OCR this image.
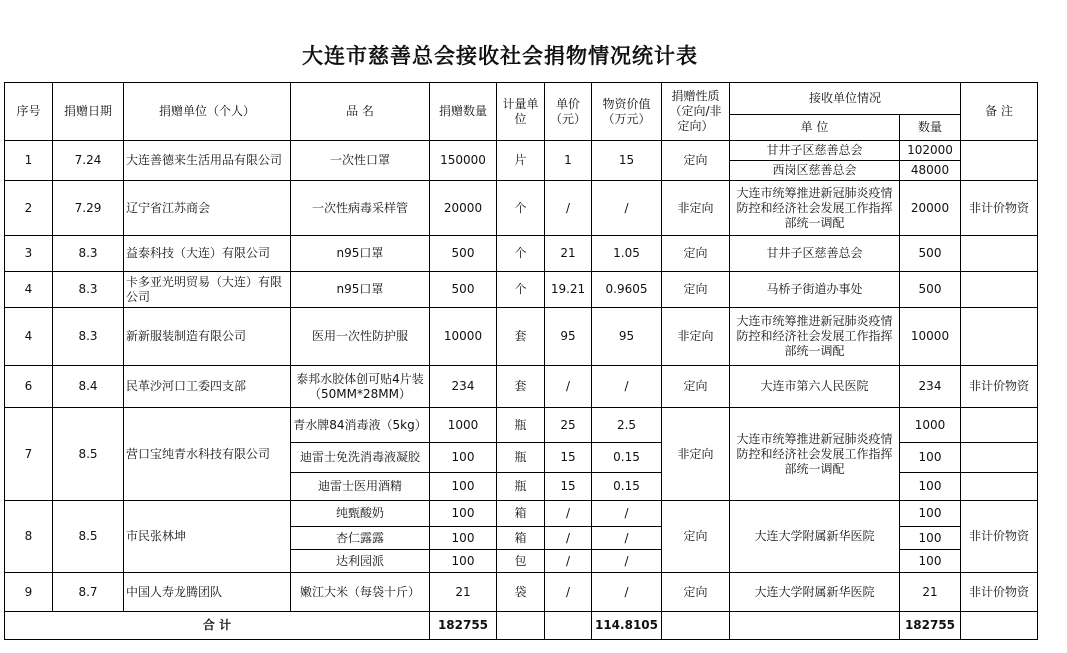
大连市慈善总会接收社会捐物情况统计表
序号	捐赠日期	捐赠单位（个人）	品 名	捐赠数量	计量单位	单价（元）	物资价值（万元）	捐赠性质（定向/非定向）	接收单位情况		备 注
									单 位	数量	
1	7.24	大连善德来生活用品有限公司	一次性口罩	150000	片	1	15	定向	甘井子区慈善总会	102000	
									西岗区慈善总会	48000	
2	7.29	辽宁省江苏商会	一次性病毒采样管	20000	个	/	/	非定向	大连市统筹推进新冠肺炎疫情防控和经济社会发展工作指挥部统一调配	20000	非计价物资
3	8.3	益泰科技（大连）有限公司	n95口罩	500	个	21	1.05	定向	甘井子区慈善总会	500	
4	8.3	卡多亚光明贸易（大连）有限公司	n95口罩	500	个	19.21	0.9605	定向	马桥子街道办事处	500	
4	8.3	新新服装制造有限公司	医用一次性防护服	10000	套	95	95	非定向	大连市统筹推进新冠肺炎疫情防控和经济社会发展工作指挥部统一调配	10000	
6	8.4	民革沙河口工委四支部	泰邦水胶体创可贴4片装（50MM*28MM）	234	套	/	/	定向	大连市第六人民医院	234	非计价物资
7	8.5	营口宝纯青水科技有限公司	青水牌84消毒液（5kg）	1000	瓶	25	2.5	非定向	大连市统筹推进新冠肺炎疫情防控和经济社会发展工作指挥部统一调配	1000	
			迪雷士免洗消毒液凝胶	100	瓶	15	0.15			100	
			迪雷士医用酒精	100	瓶	15	0.15			100	
8	8.5	市民张林坤	纯甄酸奶	100	箱	/	/	定向	大连大学附属新华医院	100	非计价物资
			杏仁露露	100	箱	/	/			100	
			达利园派	100	包	/	/			100	
9	8.7	中国人寿龙腾团队	嫩江大米（每袋十斤）	21	袋	/	/	定向	大连大学附属新华医院	21	非计价物资
合 计				182755			114.8105			182755	
